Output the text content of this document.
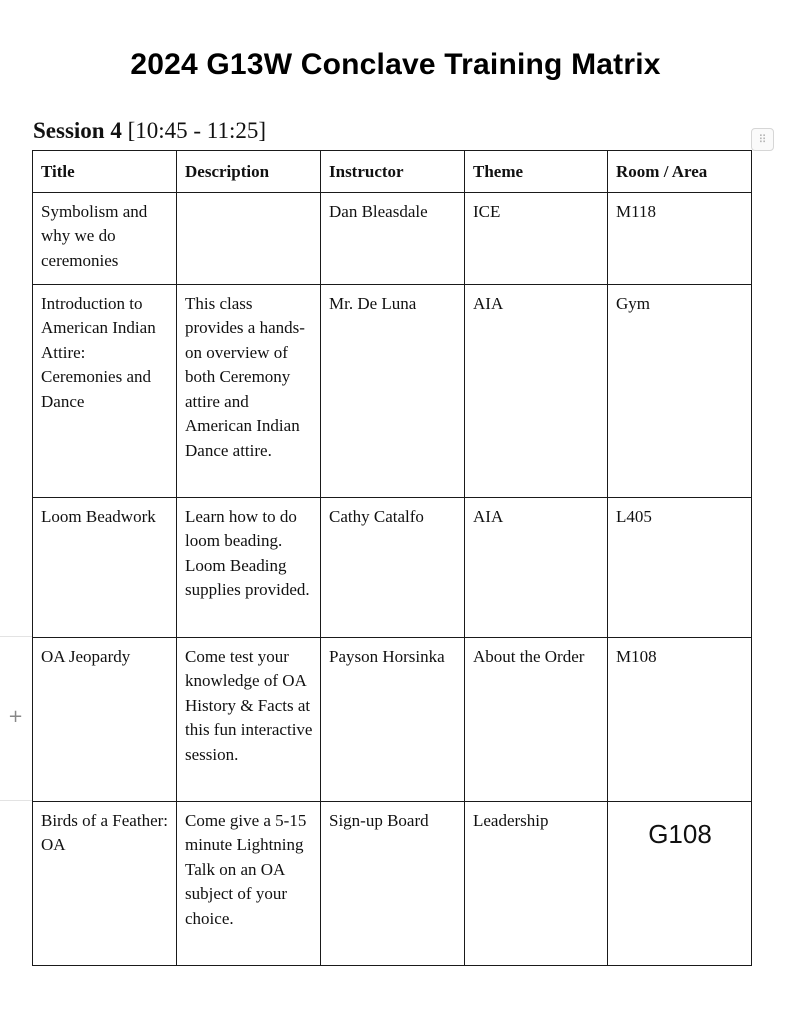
2024 G13W Conclave Training Matrix
Session 4 [10:45 - 11:25]	⠿
+
Title	Description	Instructor	Theme	Room / Area
Symbolism and why we do ceremonies		Dan Bleasdale	ICE	M118
Introduction to American Indian Attire: Ceremonies and Dance	This class provides a hands-on overview of both Ceremony attire and American Indian Dance attire.	Mr. De Luna	AIA	Gym
Loom Beadwork	Learn how to do loom beading. Loom Beading supplies provided.	Cathy Catalfo	AIA	L405
OA Jeopardy	Come test your knowledge of OA History & Facts at this fun interactive session.	Payson Horsinka	About the Order	M108
Birds of a Feather: OA	Come give a 5-15 minute Lightning Talk on an OA subject of your choice.	Sign-up Board	Leadership	G108
